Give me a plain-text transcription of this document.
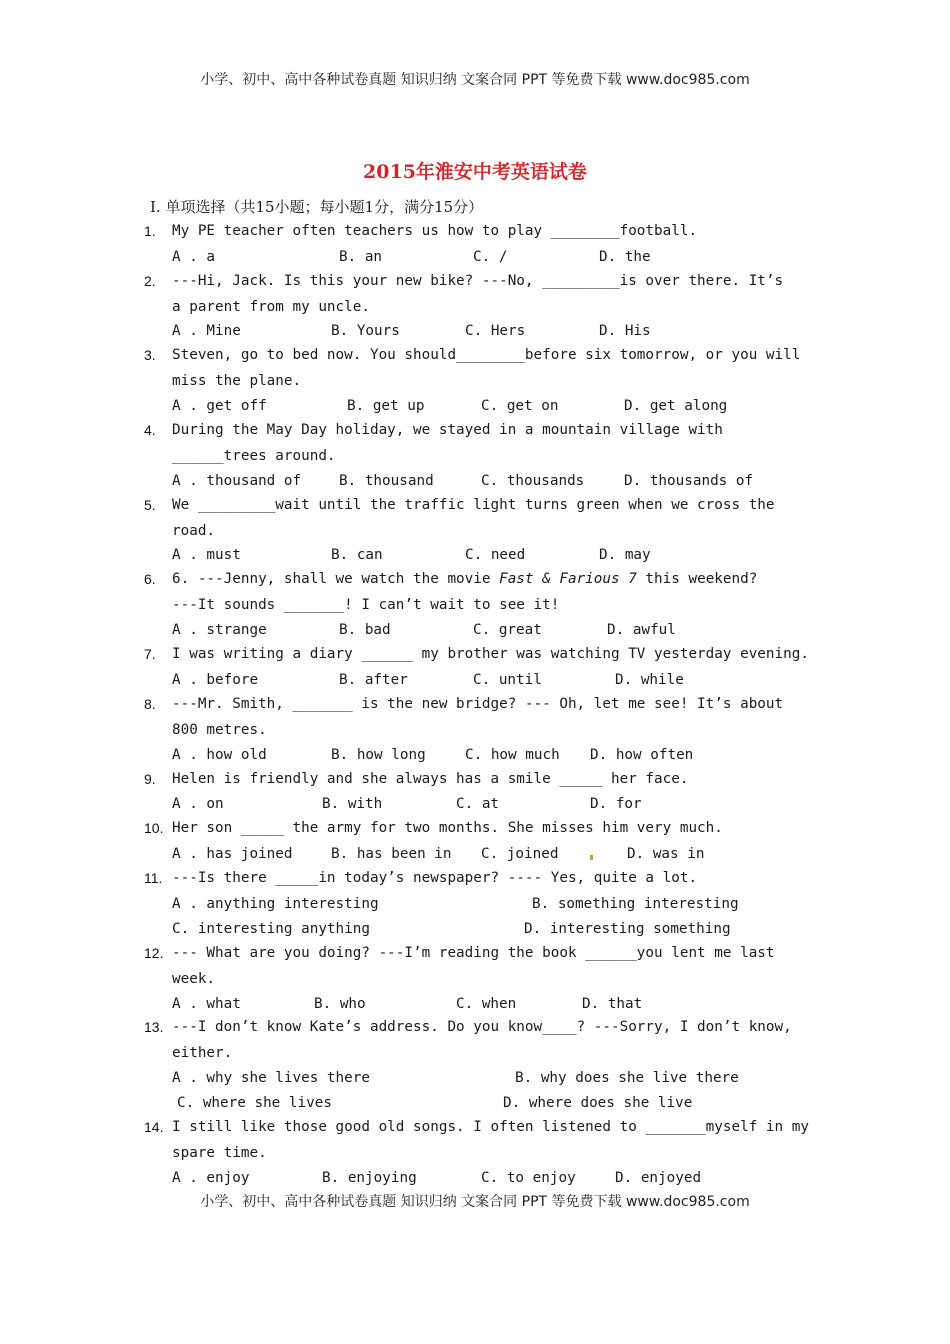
小学、初中、高中各种试卷真题 知识归纳 文案合同 PPT 等免费下载 www.doc985.com
2015年淮安中考英语试卷
Ⅰ. 单项选择（共15小题；每小题1分，满分15分）
1.	My PE teacher often teachers us how to play ________football.
A . a	B. an	C. /	D. the
2.	---Hi, Jack. Is this your new bike? ---No, _________is over there. It’s
a parent from my uncle.
A . Mine	B. Yours	C. Hers	D. His
3.	Steven, go to bed now. You should________before six tomorrow, or you will
miss the plane.
A . get off	B. get up	C. get on	D. get along
4.	During the May Day holiday, we stayed in a mountain village with
______trees around.
A . thousand of	B. thousand	C. thousands	D. thousands of
5.	We _________wait until the traffic light turns green when we cross the
road.
A . must	B. can	C. need	D. may
6.	6. ---Jenny, shall we watch the movie Fast & Farious 7 this weekend?
---It sounds _______! I can’t wait to see it!
A . strange	B. bad	C. great	D. awful
7.	I was writing a diary ______ my brother was watching TV yesterday evening.
A . before	B. after	C. until	D. while
8.	---Mr. Smith, _______ is the new bridge? --- Oh, let me see! It’s about
800 metres.
A . how old	B. how long	C. how much D. how often
9.	Helen is friendly and she always has a smile _____ her face.
A . on	B. with	C. at	D. for
10. Her son _____ the army for two months. She misses him very much.
A . has joined	B. has been in C. joined	D. was in
11. ---Is there _____in today’s newspaper? ---- Yes, quite a lot.
A . anything interesting	B. something interesting
C. interesting anything	D. interesting something
12. --- What are you doing? ---I’m reading the book ______you lent me last
week.
A . what	B. who	C. when	D. that
13. ---I don’t know Kate’s address. Do you know____? ---Sorry, I don’t know,
either.
A . why she lives there	B. why does she live there
C. where she lives	D. where does she live
14. I still like those good old songs. I often listened to _______myself in my
spare time.
A . enjoy	B. enjoying	C. to enjoy	D. enjoyed
小学、初中、高中各种试卷真题 知识归纳 文案合同 PPT 等免费下载 www.doc985.com
